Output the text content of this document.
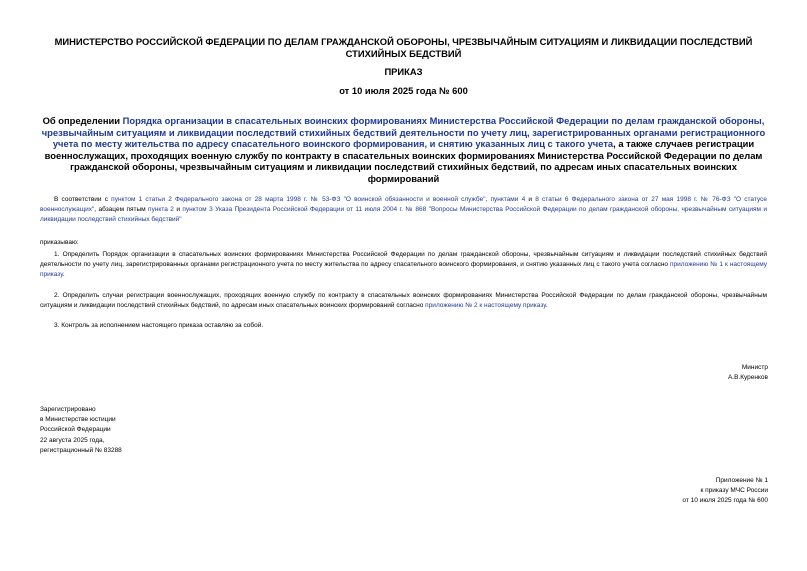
МИНИСТЕРСТВО РОССИЙСКОЙ ФЕДЕРАЦИИ ПО ДЕЛАМ ГРАЖДАНСКОЙ ОБОРОНЫ, ЧРЕЗВЫЧАЙНЫМ СИТУАЦИЯМ И ЛИКВИДАЦИИ ПОСЛЕДСТВИЙ СТИХИЙНЫХ БЕДСТВИЙ
ПРИКАЗ
от 10 июля 2025 года № 600
Об определении Порядка организации в спасательных воинских формированиях Министерства Российской Федерации по делам гражданской обороны, чрезвычайным ситуациям и ликвидации последствий стихийных бедствий деятельности по учету лиц, зарегистрированных органами регистрационного учета по месту жительства по адресу спасательного воинского формирования, и снятию указанных лиц с такого учета, а также случаев регистрации военнослужащих, проходящих военную службу по контракту в спасательных воинских формированиях Министерства Российской Федерации по делам гражданской обороны, чрезвычайным ситуациям и ликвидации последствий стихийных бедствий, по адресам иных спасательных воинских формирований
В соответствии с пунктом 1 статьи 2 Федерального закона от 28 марта 1998 г. № 53-ФЗ "О воинской обязанности и военной службе", пунктами 4 и 8 статьи 6 Федерального закона от 27 мая 1998 г. № 76-ФЗ "О статусе военнослужащих", абзацем пятым пункта 2 и пунктом 3 Указа Президента Российской Федерации от 11 июля 2004 г. № 868 "Вопросы Министерства Российской Федерации по делам гражданской обороны, чрезвычайным ситуациям и ликвидации последствий стихийных бедствий"
приказываю:
1. Определить Порядок организации в спасательных воинских формированиях Министерства Российской Федерации по делам гражданской обороны, чрезвычайным ситуациям и ликвидации последствий стихийных бедствий деятельности по учету лиц, зарегистрированных органами регистрационного учета по месту жительства по адресу спасательного воинского формирования, и снятию указанных лиц с такого учета согласно приложению № 1 к настоящему приказу.
2. Определить случаи регистрации военнослужащих, проходящих военную службу по контракту в спасательных воинских формированиях Министерства Российской Федерации по делам гражданской обороны, чрезвычайным ситуациям и ликвидации последствий стихийных бедствий, по адресам иных спасательных воинских формирований согласно приложению № 2 к настоящему приказу.
3. Контроль за исполнением настоящего приказа оставляю за собой.
Министр
А.В.Куренков
Зарегистрировано
в Министерстве юстиции
Российской Федерации
22 августа 2025 года,
регистрационный № 83288
Приложение № 1
к приказу МЧС России
от 10 июля 2025 года № 600
